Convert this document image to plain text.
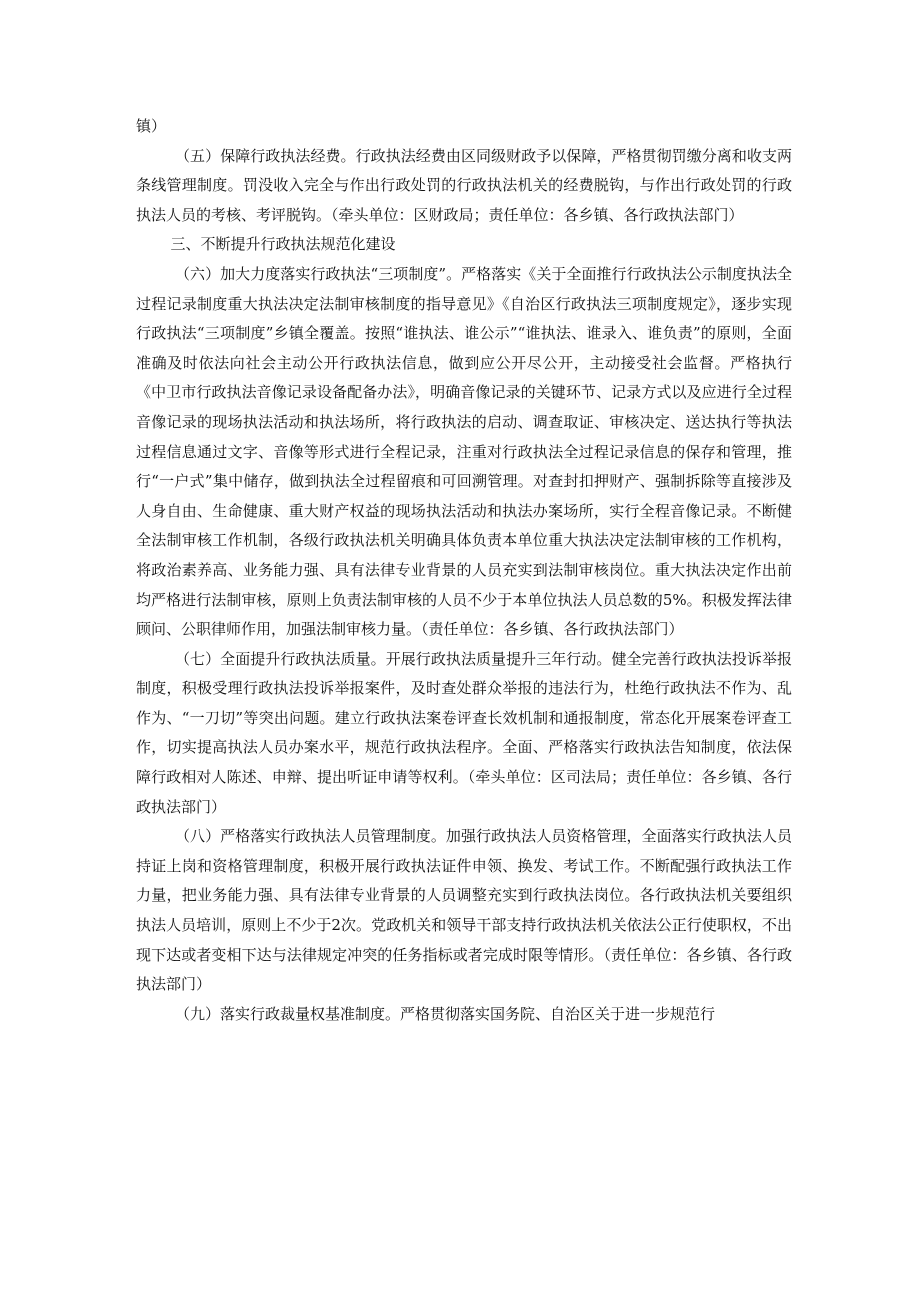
镇）

（五）保障行政执法经费。行政执法经费由区同级财政予以保障，严格贯彻罚缴分离和收支两条线管理制度。罚没收入完全与作出行政处罚的行政执法机关的经费脱钩，与作出行政处罚的行政执法人员的考核、考评脱钩。（牵头单位：区财政局；责任单位：各乡镇、各行政执法部门）

三、不断提升行政执法规范化建设

（六）加大力度落实行政执法“三项制度”。严格落实《关于全面推行行政执法公示制度执法全过程记录制度重大执法决定法制审核制度的指导意见》《自治区行政执法三项制度规定》，逐步实现行政执法“三项制度”乡镇全覆盖。按照“谁执法、谁公示”“谁执法、谁录入、谁负责”的原则，全面准确及时依法向社会主动公开行政执法信息，做到应公开尽公开，主动接受社会监督。严格执行《中卫市行政执法音像记录设备配备办法》，明确音像记录的关键环节、记录方式以及应进行全过程音像记录的现场执法活动和执法场所，将行政执法的启动、调查取证、审核决定、送达执行等执法过程信息通过文字、音像等形式进行全程记录，注重对行政执法全过程记录信息的保存和管理，推行“一户式”集中储存，做到执法全过程留痕和可回溯管理。对查封扣押财产、强制拆除等直接涉及人身自由、生命健康、重大财产权益的现场执法活动和执法办案场所，实行全程音像记录。不断健全法制审核工作机制，各级行政执法机关明确具体负责本单位重大执法决定法制审核的工作机构，将政治素养高、业务能力强、具有法律专业背景的人员充实到法制审核岗位。重大执法决定作出前均严格进行法制审核，原则上负责法制审核的人员不少于本单位执法人员总数的5%。积极发挥法律顾问、公职律师作用，加强法制审核力量。（责任单位：各乡镇、各行政执法部门）

（七）全面提升行政执法质量。开展行政执法质量提升三年行动。健全完善行政执法投诉举报制度，积极受理行政执法投诉举报案件，及时查处群众举报的违法行为，杜绝行政执法不作为、乱作为、“一刀切”等突出问题。建立行政执法案卷评查长效机制和通报制度，常态化开展案卷评查工作，切实提高执法人员办案水平，规范行政执法程序。全面、严格落实行政执法告知制度，依法保障行政相对人陈述、申辩、提出听证申请等权利。（牵头单位：区司法局；责任单位：各乡镇、各行政执法部门）

（八）严格落实行政执法人员管理制度。加强行政执法人员资格管理，全面落实行政执法人员持证上岗和资格管理制度，积极开展行政执法证件申领、换发、考试工作。不断配强行政执法工作力量，把业务能力强、具有法律专业背景的人员调整充实到行政执法岗位。各行政执法机关要组织执法人员培训，原则上不少于2次。党政机关和领导干部支持行政执法机关依法公正行使职权，不出现下达或者变相下达与法律规定冲突的任务指标或者完成时限等情形。（责任单位：各乡镇、各行政执法部门）

（九）落实行政裁量权基准制度。严格贯彻落实国务院、自治区关于进一步规范行
